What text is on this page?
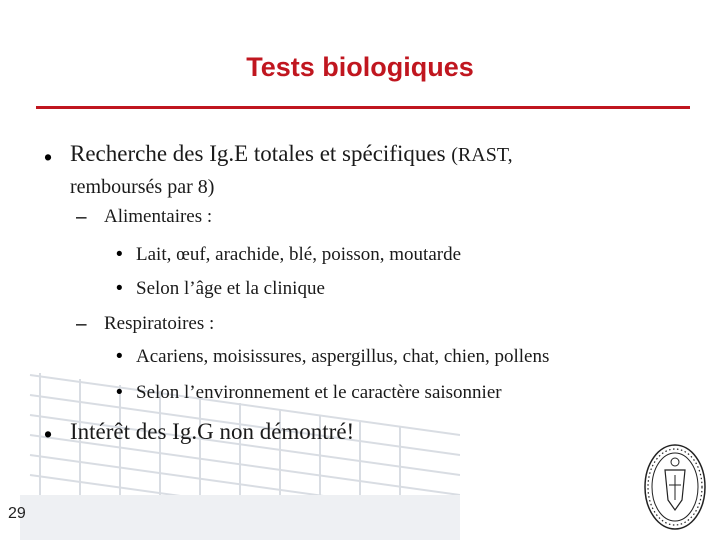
Tests biologiques
• Recherche des Ig.E totales et spécifiques (RAST,
remboursés par 8)
– Alimentaires :
• Lait, œuf, arachide, blé, poisson, moutarde
• Selon l’âge et la clinique
– Respiratoires :
• Acariens, moisissures, aspergillus, chat, chien, pollens
• Selon l’environnement et le caractère saisonnier
• Intérêt des Ig.G non démontré!
29
